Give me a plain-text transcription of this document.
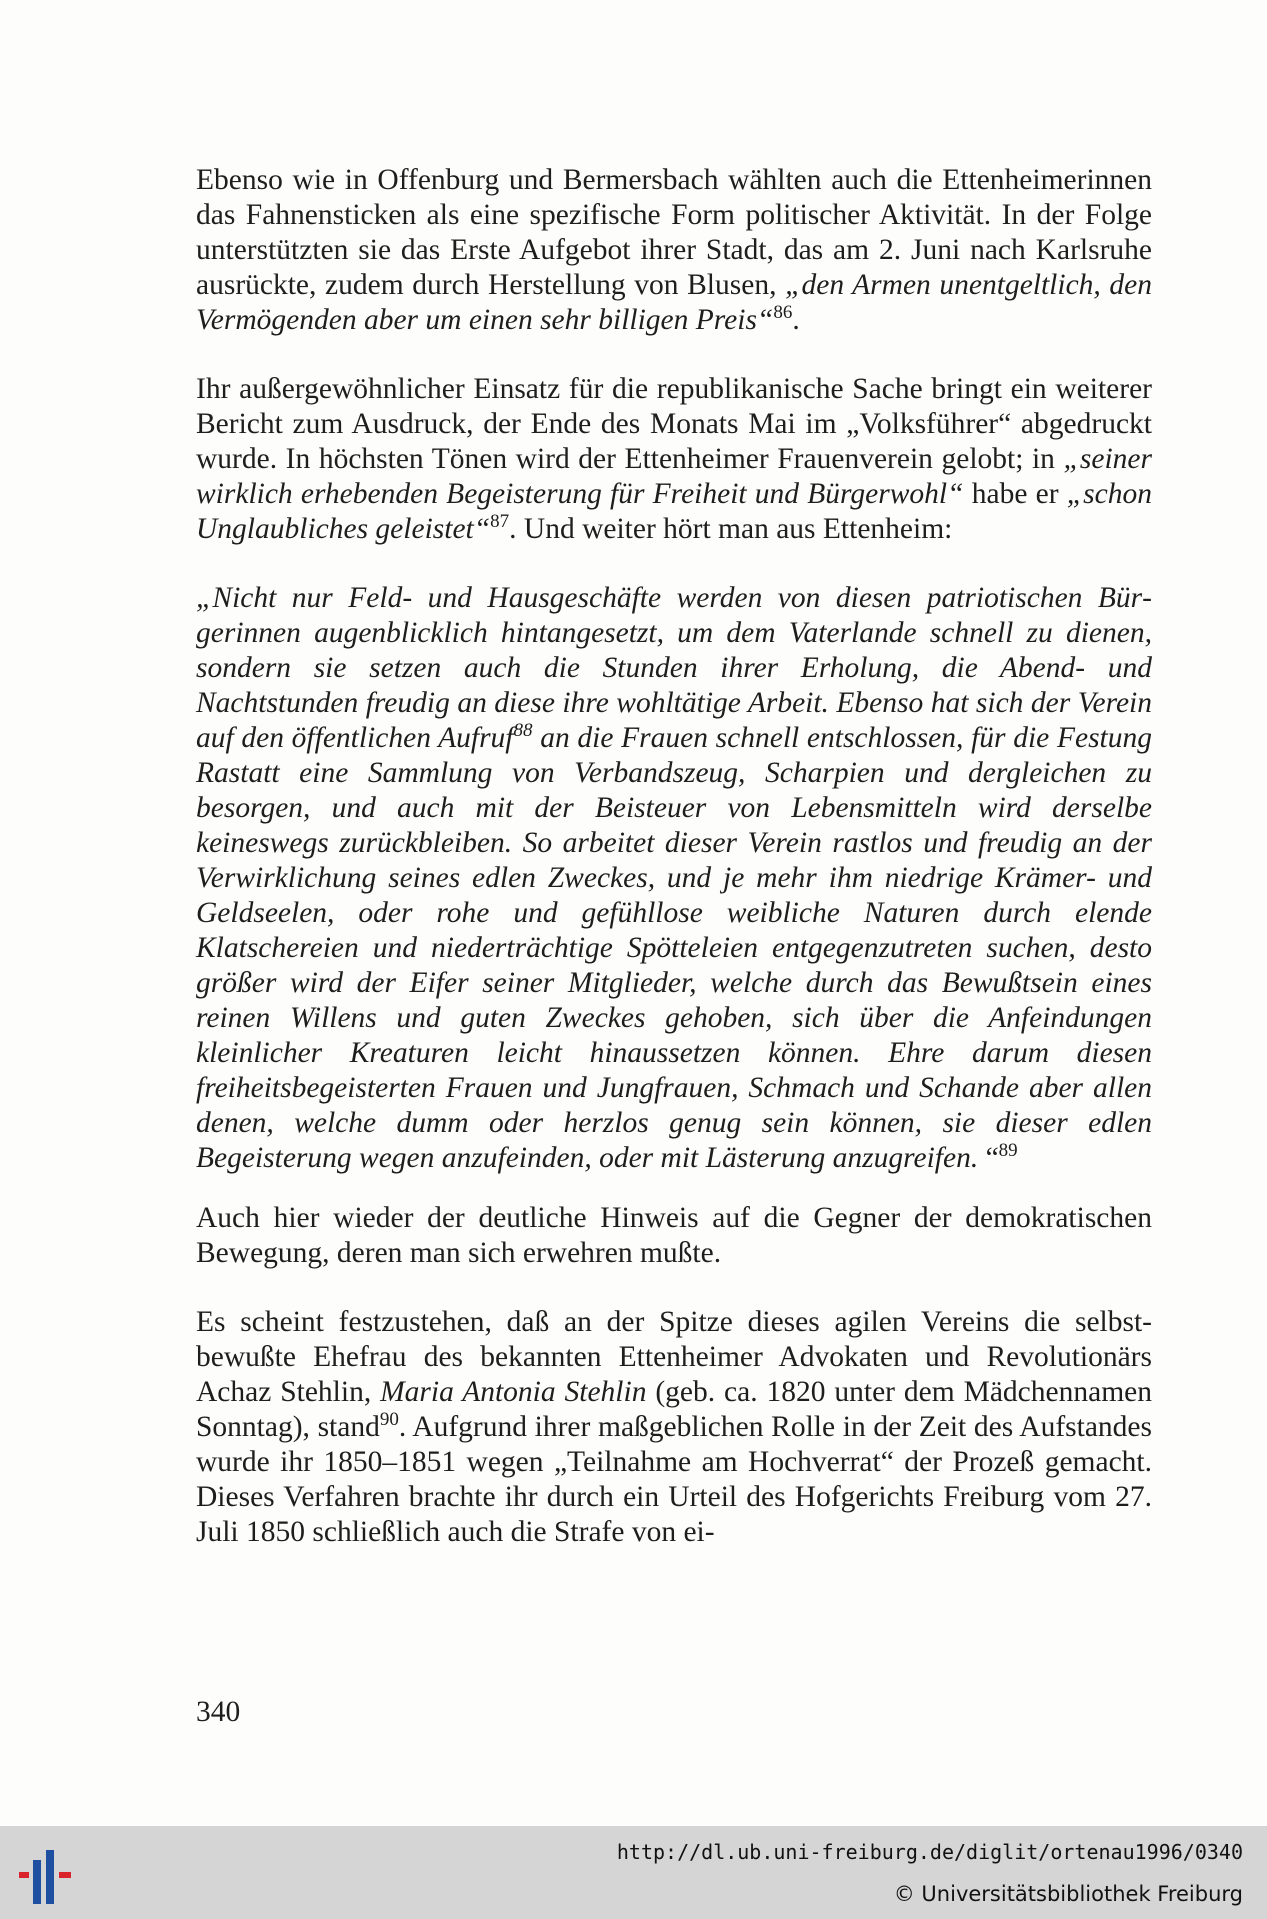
Ebenso wie in Offenburg und Bermersbach wählten auch die Ettenheimerinnen das Fahnensticken als eine spezifische Form politischer Aktivität. In der Folge unterstützten sie das Erste Aufgebot ihrer Stadt, das am 2. Juni nach Karlsruhe ausrückte, zudem durch Herstellung von Blusen, „den Armen unentgeltlich, den Vermögenden aber um einen sehr billigen Preis“$^{86}$.

Ihr außergewöhnlicher Einsatz für die republikanische Sache bringt ein weiterer Bericht zum Ausdruck, der Ende des Monats Mai im „Volksführer“ abgedruckt wurde. In höchsten Tönen wird der Ettenheimer Frauenverein gelobt; in „seiner wirklich erhebenden Begeisterung für Freiheit und Bürgerwohl“ habe er „schon Unglaubliches geleistet“$^{87}$. Und weiter hört man aus Ettenheim:

„Nicht nur Feld- und Hausgeschäfte werden von diesen patriotischen Bürgerinnen augenblicklich hintangesetzt, um dem Vaterlande schnell zu dienen, sondern sie setzen auch die Stunden ihrer Erholung, die Abend- und Nachtstunden freudig an diese ihre wohltätige Arbeit. Ebenso hat sich der Verein auf den öffentlichen Aufruf$^{88}$ an die Frauen schnell entschlossen, für die Festung Rastatt eine Sammlung von Verbandszeug, Scharpien und dergleichen zu besorgen, und auch mit der Beisteuer von Lebensmitteln wird derselbe keineswegs zurückbleiben. So arbeitet dieser Verein rastlos und freudig an der Verwirklichung seines edlen Zweckes, und je mehr ihm niedrige Krämer- und Geldseelen, oder rohe und gefühllose weibliche Naturen durch elende Klatschereien und niederträchtige Spötteleien entgegenzutreten suchen, desto größer wird der Eifer seiner Mitglieder, welche durch das Bewußtsein eines reinen Willens und guten Zweckes gehoben, sich über die Anfeindungen kleinlicher Kreaturen leicht hinaussetzen können. Ehre darum diesen freiheitsbegeisterten Frauen und Jungfrauen, Schmach und Schande aber allen denen, welche dumm oder herzlos genug sein können, sie dieser edlen Begeisterung wegen anzufeinden, oder mit Lästerung anzugreifen. “$^{89}$

Auch hier wieder der deutliche Hinweis auf die Gegner der demokratischen Bewegung, deren man sich erwehren mußte.

Es scheint festzustehen, daß an der Spitze dieses agilen Vereins die selbstbewußte Ehefrau des bekannten Ettenheimer Advokaten und Revolutionärs Achaz Stehlin, Maria Antonia Stehlin (geb. ca. 1820 unter dem Mädchennamen Sonntag), stand$^{90}$. Aufgrund ihrer maßgeblichen Rolle in der Zeit des Aufstandes wurde ihr 1850–1851 wegen „Teilnahme am Hochverrat“ der Prozeß gemacht. Dieses Verfahren brachte ihr durch ein Urteil des Hofgerichts Freiburg vom 27. Juli 1850 schließlich auch die Strafe von ei-

340
http://dl.ub.uni-freiburg.de/diglit/ortenau1996/0340
© Universitätsbibliothek Freiburg
